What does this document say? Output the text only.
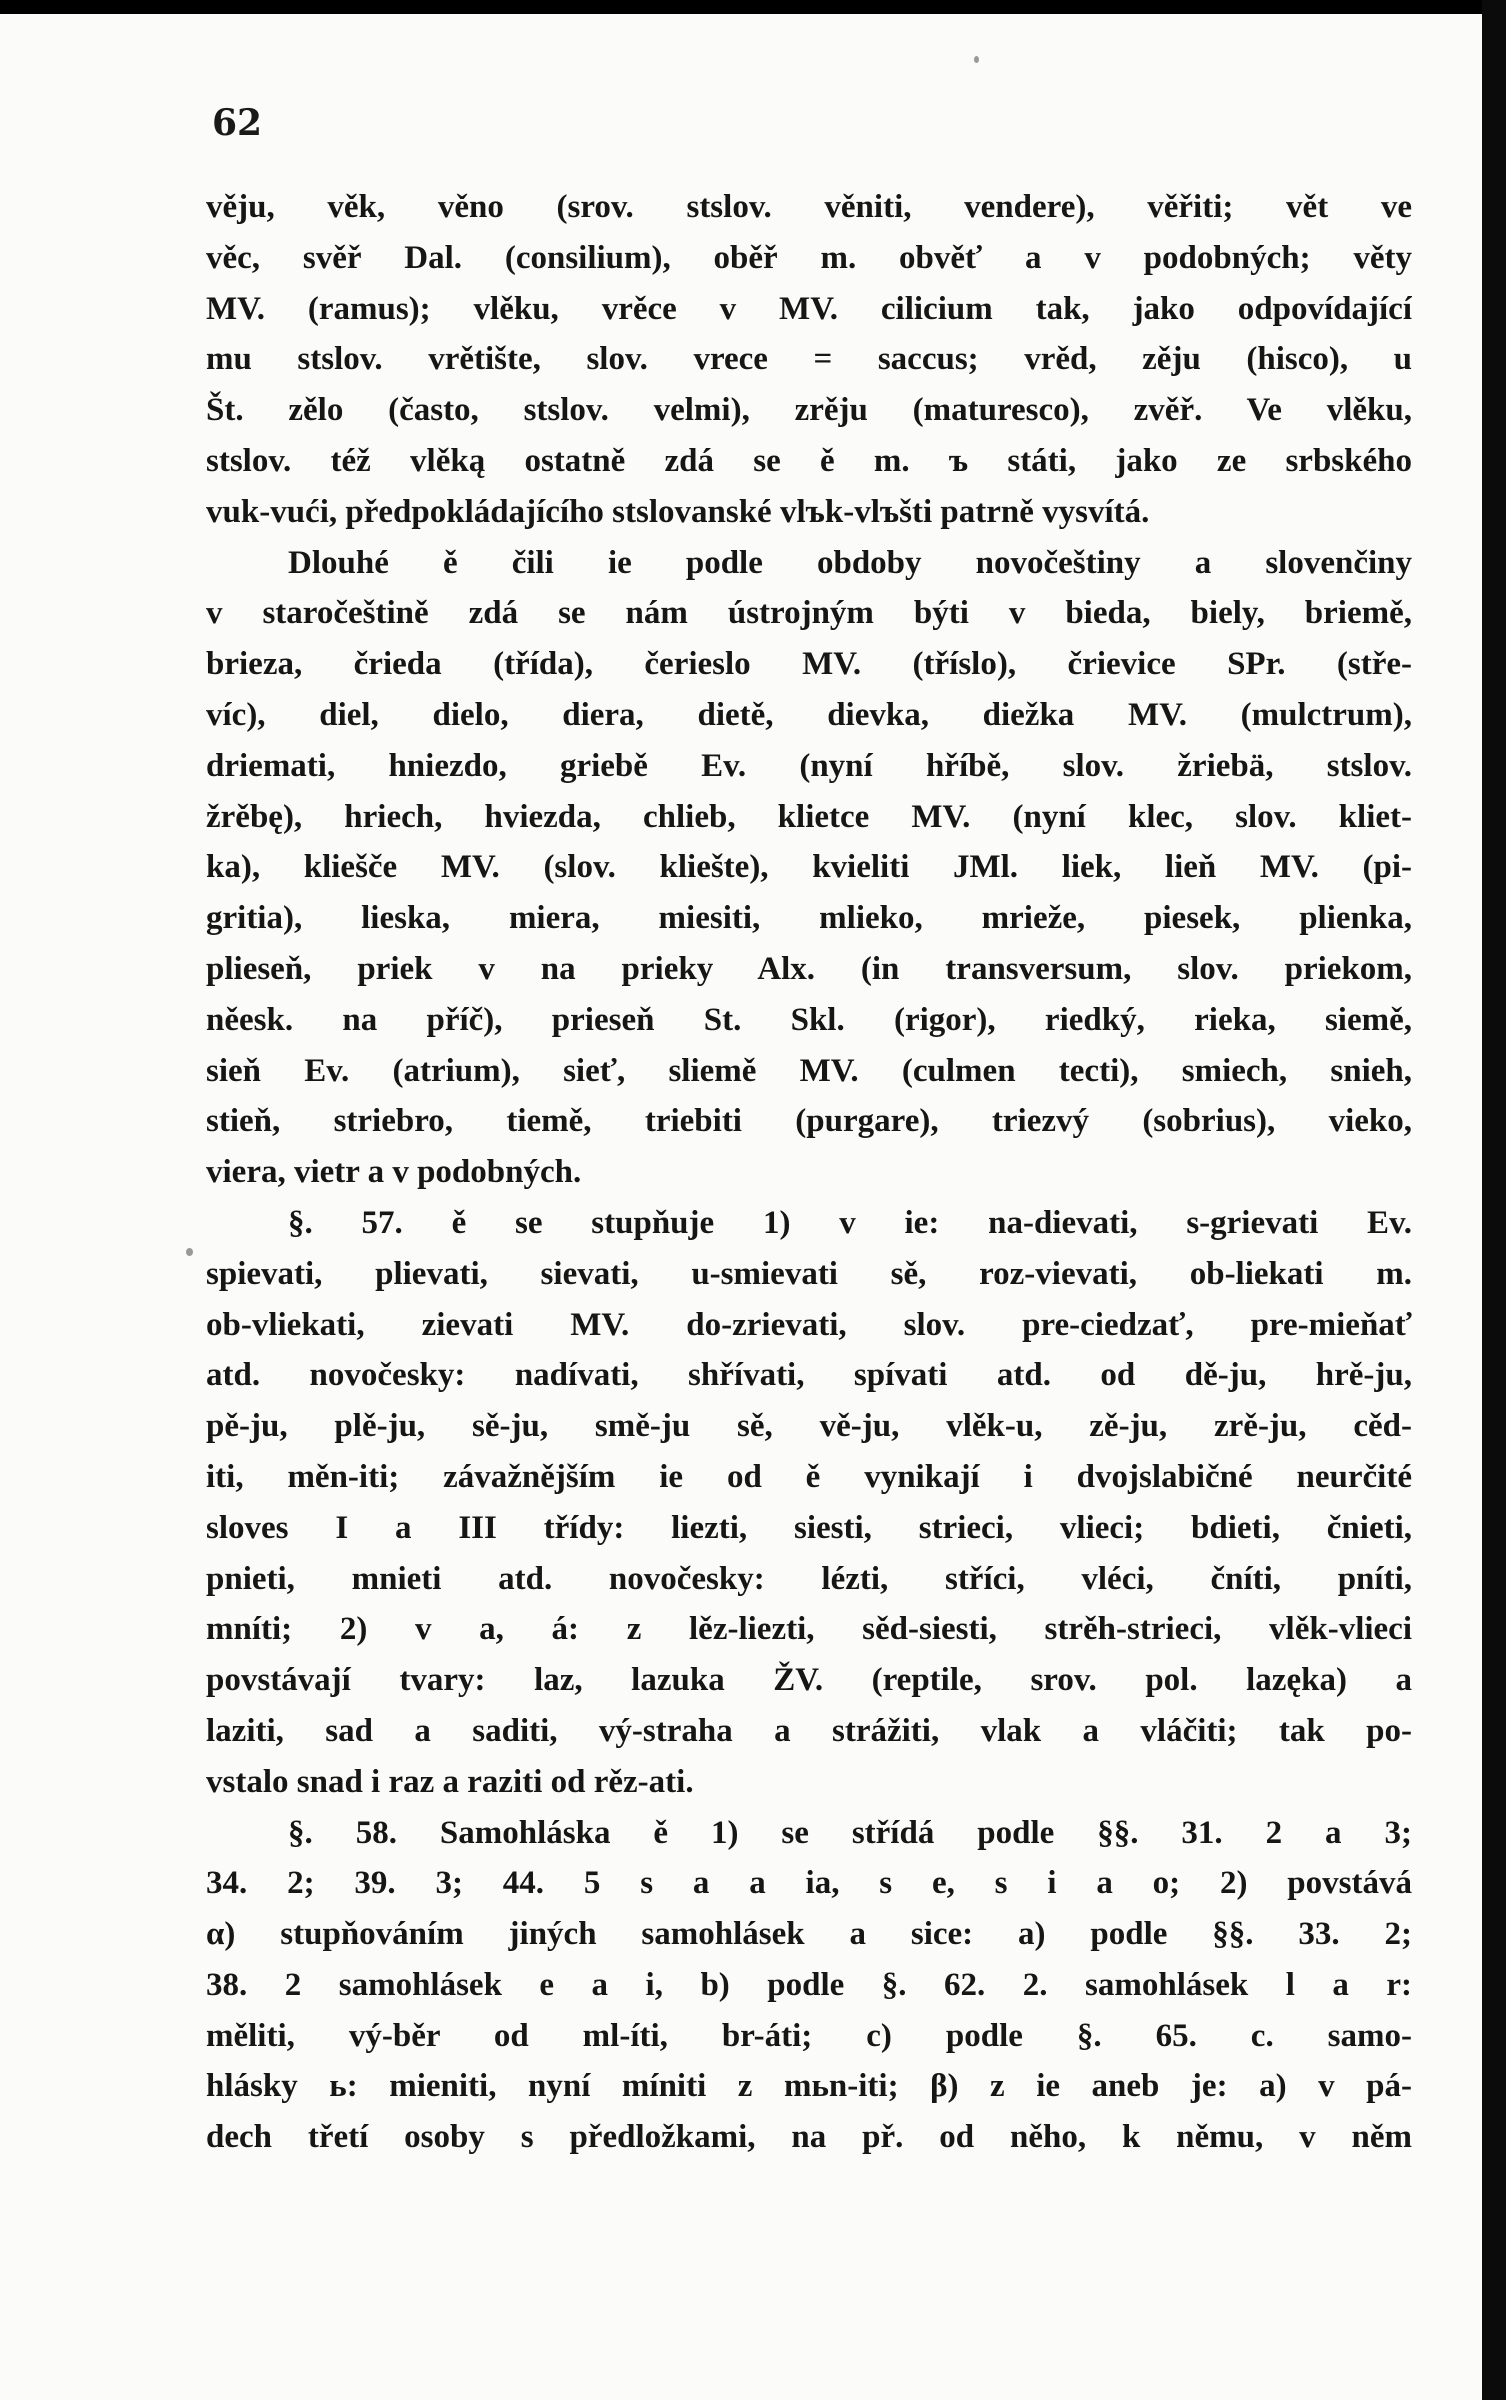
62
věju, věk, věno (srov. stslov. věniti, vendere), věřiti; vět ve
věc, svěř Dal. (consilium), oběř m. obvěť a v podobných; věty
MV. (ramus); vlěku, vrěce v MV. cilicium tak, jako odpovídající
mu stslov. vrětište, slov. vrece = saccus; vrěd, zěju (hisco), u
Št. zělo (často, stslov. velmi), zrěju (maturesco), zvěř. Ve vlěku,
stslov. též vlěką ostatně zdá se ě m. ъ státi, jako ze srbského
vuk-vući, předpokládajícího stslovanské vlъk-vlъšti patrně vysvítá.
Dlouhé ě čili ie podle obdoby novočeštiny a slovenčiny
v staročeštině zdá se nám ústrojným býti v bieda, biely, briemě,
brieza, črieda (třída), čerieslo MV. (tříslo), črievice SPr. (stře-
víc), diel, dielo, diera, dietě, dievka, diežka MV. (mulctrum),
driemati, hniezdo, griebě Ev. (nyní hříbě, slov. žriebä, stslov.
žrěbę), hriech, hviezda, chlieb, klietce MV. (nyní klec, slov. kliet-
ka), kliešče MV. (slov. kliešte), kvieliti JMl. liek, lieň MV. (pi-
gritia), lieska, miera, miesiti, mlieko, mrieže, piesek, plienka,
plieseň, priek v na prieky Alx. (in transversum, slov. priekom,
něesk. na příč), prieseň St. Skl. (rigor), riedký, rieka, siemě,
sieň Ev. (atrium), sieť, sliemě MV. (culmen tecti), smiech, snieh,
stieň, striebro, tiemě, triebiti (purgare), triezvý (sobrius), vieko,
viera, vietr a v podobných.
§. 57. ě se stupňuje 1) v ie: na-dievati, s-grievati Ev.
spievati, plievati, sievati, u-smievati sě, roz-vievati, ob-liekati m.
ob-vliekati, zievati MV. do-zrievati, slov. pre-ciedzať, pre-mieňať
atd. novočesky: nadívati, shřívati, spívati atd. od dě-ju, hrě-ju,
pě-ju, plě-ju, sě-ju, smě-ju sě, vě-ju, vlěk-u, zě-ju, zrě-ju, cěd-
iti, měn-iti; závažnějším ie od ě vynikají i dvojslabičné neurčité
sloves I a III třídy: liezti, siesti, strieci, vlieci; bdieti, čnieti,
pnieti, mnieti atd. novočesky: lézti, stříci, vléci, čníti, pníti,
mníti; 2) v a, á: z lěz-liezti, sěd-siesti, strěh-strieci, vlěk-vlieci
povstávají tvary: laz, lazuka ŽV. (reptile, srov. pol. lazęka) a
laziti, sad a saditi, vý-straha a strážiti, vlak a vláčiti; tak po-
vstalo snad i raz a raziti od rěz-ati.
§. 58. Samohláska ě 1) se střídá podle §§. 31. 2 a 3;
34. 2; 39. 3; 44. 5 s a a ia, s e, s i a o; 2) povstává
α) stupňováním jiných samohlásek a sice: a) podle §§. 33. 2;
38. 2 samohlásek e a i, b) podle §. 62. 2. samohlásek l a r:
měliti, vý-běr od ml-íti, br-áti; c) podle §. 65. c. samo-
hlásky ь: mieniti, nyní míniti z mьn-iti; β) z ie aneb je: a) v pá-
dech třetí osoby s předložkami, na př. od něho, k němu, v něm
